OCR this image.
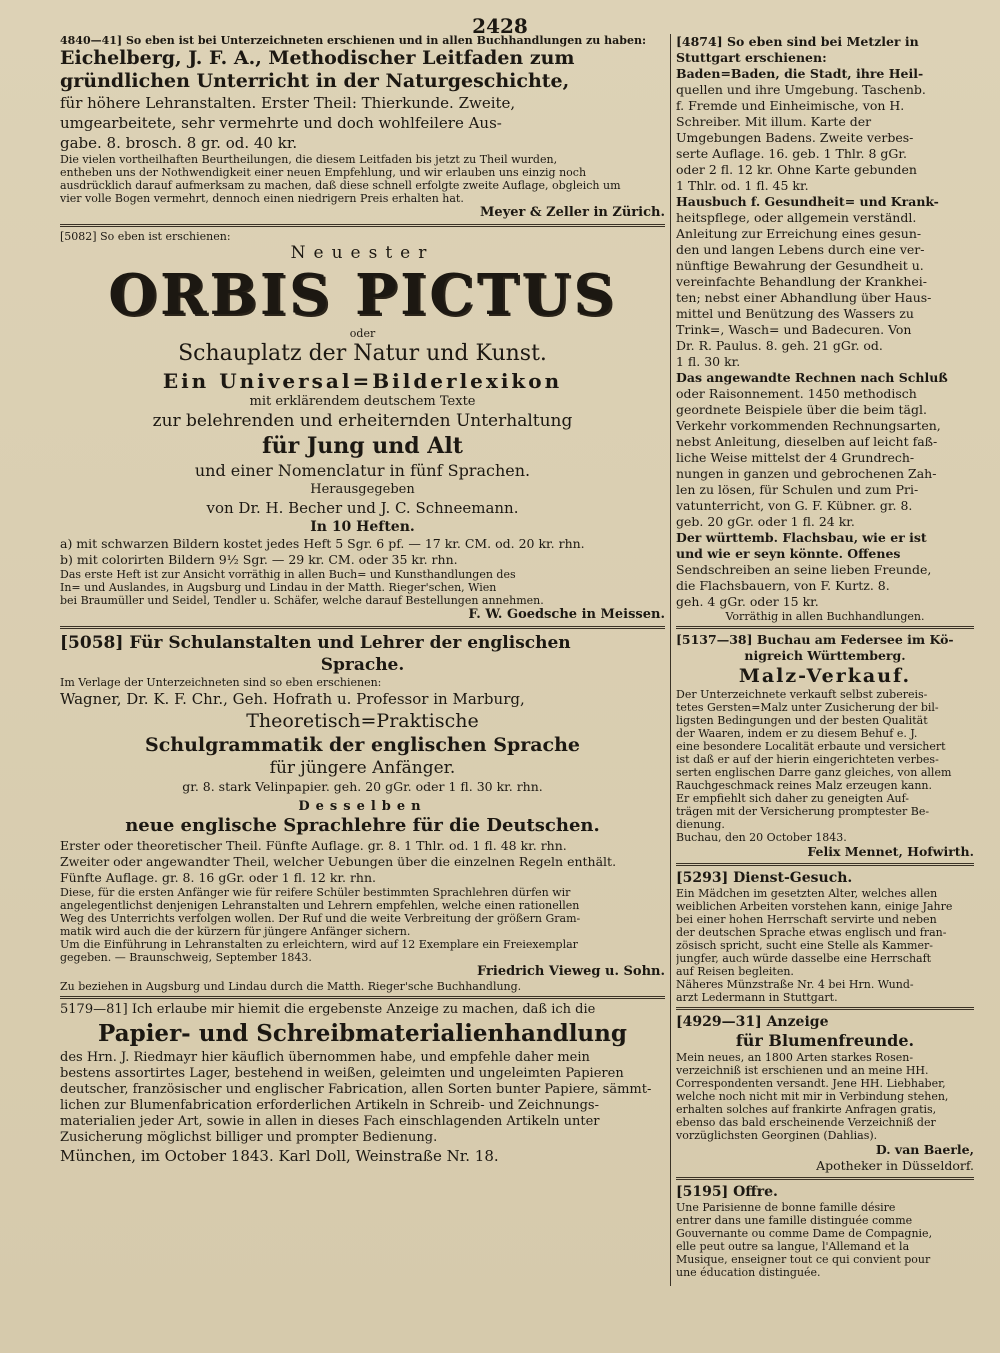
2428

4840—41] So eben ist bei Unterzeichneten erschienen und in allen Buchhandlungen zu haben:

Eichelberg, J. F. A., Methodischer Leitfaden zum

gründlichen Unterricht in der Naturgeschichte,

für höhere Lehranstalten. Erster Theil: Thierkunde. Zweite,

umgearbeitete, sehr vermehrte und doch wohlfeilere Aus-

gabe. 8. brosch. 8 gr. od. 40 kr.

Die vielen vortheilhaften Beurtheilungen, die diesem Leitfaden bis jetzt zu Theil wurden,

entheben uns der Nothwendigkeit einer neuen Empfehlung, und wir erlauben uns einzig noch

ausdrücklich darauf aufmerksam zu machen, daß diese schnell erfolgte zweite Auflage, obgleich um

vier volle Bogen vermehrt, dennoch einen niedrigern Preis erhalten hat.

Meyer & Zeller in Zürich.

[5082] So eben ist erschienen:

Neuester

ORBIS PICTUS

oder

Schauplatz der Natur und Kunst.

Ein Universal=Bilderlexikon

mit erklärendem deutschem Texte

zur belehrenden und erheiternden Unterhaltung

für Jung und Alt

und einer Nomenclatur in fünf Sprachen.

Herausgegeben

von Dr. H. Becher und J. C. Schneemann.

In 10 Heften.

a) mit schwarzen Bildern kostet jedes Heft 5 Sgr. 6 pf. — 17 kr. CM. od. 20 kr. rhn.

b) mit colorirten Bildern 9½ Sgr. — 29 kr. CM. oder 35 kr. rhn.

Das erste Heft ist zur Ansicht vorräthig in allen Buch= und Kunsthandlungen des

In= und Auslandes, in Augsburg und Lindau in der Matth. Rieger'schen, Wien

bei Braumüller und Seidel, Tendler u. Schäfer, welche darauf Bestellungen annehmen.

F. W. Goedsche in Meissen.

[5058] Für Schulanstalten und Lehrer der englischen

Sprache.

Im Verlage der Unterzeichneten sind so eben erschienen:

Wagner, Dr. K. F. Chr., Geh. Hofrath u. Professor in Marburg,

Theoretisch=Praktische

Schulgrammatik der englischen Sprache

für jüngere Anfänger.

gr. 8. stark Velinpapier. geh. 20 gGr. oder 1 fl. 30 kr. rhn.

Desselben

neue englische Sprachlehre für die Deutschen.

Erster oder theoretischer Theil. Fünfte Auflage. gr. 8. 1 Thlr. od. 1 fl. 48 kr. rhn.

Zweiter oder angewandter Theil, welcher Uebungen über die einzelnen Regeln enthält.

Fünfte Auflage. gr. 8. 16 gGr. oder 1 fl. 12 kr. rhn.

Diese, für die ersten Anfänger wie für reifere Schüler bestimmten Sprachlehren dürfen wir

angelegentlichst denjenigen Lehranstalten und Lehrern empfehlen, welche einen rationellen

Weg des Unterrichts verfolgen wollen. Der Ruf und die weite Verbreitung der größern Gram-

matik wird auch die der kürzern für jüngere Anfänger sichern.

Um die Einführung in Lehranstalten zu erleichtern, wird auf 12 Exemplare ein Freiexemplar

gegeben. — Braunschweig, September 1843.

Friedrich Vieweg u. Sohn.

Zu beziehen in Augsburg und Lindau durch die Matth. Rieger'sche Buchhandlung.

5179—81] Ich erlaube mir hiemit die ergebenste Anzeige zu machen, daß ich die

Papier- und Schreibmaterialienhandlung

des Hrn. J. Riedmayr hier käuflich übernommen habe, und empfehle daher mein

bestens assortirtes Lager, bestehend in weißen, geleimten und ungeleimten Papieren

deutscher, französischer und englischer Fabrication, allen Sorten bunter Papiere, sämmt-

lichen zur Blumenfabrication erforderlichen Artikeln in Schreib- und Zeichnungs-

materialien jeder Art, sowie in allen in dieses Fach einschlagenden Artikeln unter

Zusicherung möglichst billiger und prompter Bedienung.

München, im October 1843. Karl Doll, Weinstraße Nr. 18.

[4874] So eben sind bei Metzler in

Stuttgart erschienen:

Baden=Baden, die Stadt, ihre Heil-

quellen und ihre Umgebung. Taschenb.

f. Fremde und Einheimische, von H.

Schreiber. Mit illum. Karte der

Umgebungen Badens. Zweite verbes-

serte Auflage. 16. geb. 1 Thlr. 8 gGr.

oder 2 fl. 12 kr. Ohne Karte gebunden

1 Thlr. od. 1 fl. 45 kr.

Hausbuch f. Gesundheit= und Krank-

heitspflege, oder allgemein verständl.

Anleitung zur Erreichung eines gesun-

den und langen Lebens durch eine ver-

nünftige Bewahrung der Gesundheit u.

vereinfachte Behandlung der Krankhei-

ten; nebst einer Abhandlung über Haus-

mittel und Benützung des Wassers zu

Trink=, Wasch= und Badecuren. Von

Dr. R. Paulus. 8. geh. 21 gGr. od.

1 fl. 30 kr.

Das angewandte Rechnen nach Schluß

oder Raisonnement. 1450 methodisch

geordnete Beispiele über die beim tägl.

Verkehr vorkommenden Rechnungsarten,

nebst Anleitung, dieselben auf leicht faß-

liche Weise mittelst der 4 Grundrech-

nungen in ganzen und gebrochenen Zah-

len zu lösen, für Schulen und zum Pri-

vatunterricht, von G. F. Kübner. gr. 8.

geb. 20 gGr. oder 1 fl. 24 kr.

Der württemb. Flachsbau, wie er ist

und wie er seyn könnte. Offenes

Sendschreiben an seine lieben Freunde,

die Flachsbauern, von F. Kurtz. 8.

geh. 4 gGr. oder 15 kr.

Vorräthig in allen Buchhandlungen.

[5137—38] Buchau am Federsee im Kö-

nigreich Württemberg.

Malz-Verkauf.

Der Unterzeichnete verkauft selbst zubereis-

tetes Gersten=Malz unter Zusicherung der bil-

ligsten Bedingungen und der besten Qualität

der Waaren, indem er zu diesem Behuf e. J.

eine besondere Localität erbaute und versichert

ist daß er auf der hierin eingerichteten verbes-

serten englischen Darre ganz gleiches, von allem

Rauchgeschmack reines Malz erzeugen kann.

Er empfiehlt sich daher zu geneigten Auf-

trägen mit der Versicherung promptester Be-

dienung.

Buchau, den 20 October 1843.

Felix Mennet, Hofwirth.

[5293] Dienst-Gesuch.

Ein Mädchen im gesetzten Alter, welches allen

weiblichen Arbeiten vorstehen kann, einige Jahre

bei einer hohen Herrschaft servirte und neben

der deutschen Sprache etwas englisch und fran-

zösisch spricht, sucht eine Stelle als Kammer-

jungfer, auch würde dasselbe eine Herrschaft

auf Reisen begleiten.

Näheres Münzstraße Nr. 4 bei Hrn. Wund-

arzt Ledermann in Stuttgart.

[4929—31] Anzeige

für Blumenfreunde.

Mein neues, an 1800 Arten starkes Rosen-

verzeichniß ist erschienen und an meine HH.

Correspondenten versandt. Jene HH. Liebhaber,

welche noch nicht mit mir in Verbindung stehen,

erhalten solches auf frankirte Anfragen gratis,

ebenso das bald erscheinende Verzeichniß der

vorzüglichsten Georginen (Dahlias).

D. van Baerle,

Apotheker in Düsseldorf.

[5195] Offre.

Une Parisienne de bonne famille désire

entrer dans une famille distinguée comme

Gouvernante ou comme Dame de Compagnie,

elle peut outre sa langue, l'Allemand et la

Musique, enseigner tout ce qui convient pour

une éducation distinguée.
